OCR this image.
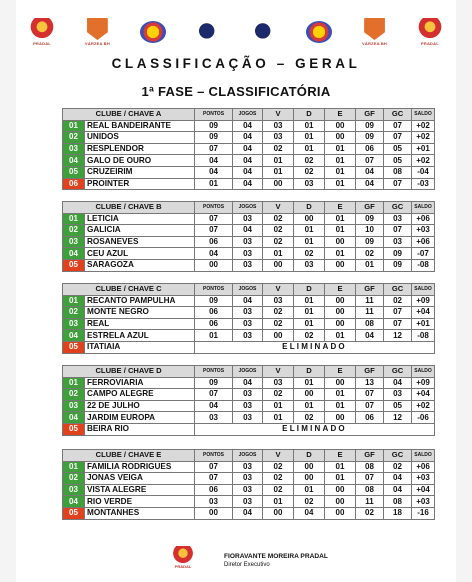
PRADAL	VÁRZEA BH	VÁRZEA BH	PRADAL
CLASSIFICAÇÃO – GERAL
1ª FASE – CLASSIFICATÓRIA
CLUBE / CHAVE A		PONTOS	JOGOS	V	D	E	GF	GC	SALDO
01	REAL BANDEIRANTE	09	04	03	01	00	09	07	+02
02	UNIDOS	09	04	03	01	00	09	07	+02
03	RESPLENDOR	07	04	02	01	01	06	05	+01
04	GALO DE OURO	04	04	01	02	01	07	05	+02
05	CRUZEIRIM	04	04	01	02	01	04	08	-04
06	PROINTER	01	04	00	03	01	04	07	-03
CLUBE / CHAVE B		PONTOS	JOGOS	V	D	E	GF	GC	SALDO
01	LETICIA	07	03	02	00	01	09	03	+06
02	GALICIA	07	04	02	01	01	10	07	+03
03	ROSANEVES	06	03	02	01	00	09	03	+06
04	CEU AZUL	04	03	01	02	01	02	09	-07
05	SARAGOZA	00	03	00	03	00	01	09	-08
CLUBE / CHAVE C		PONTOS	JOGOS	V	D	E	GF	GC	SALDO
01	RECANTO PAMPULHA	09	04	03	01	00	11	02	+09
02	MONTE NEGRO	06	03	02	01	00	11	07	+04
03	REAL	06	03	02	01	00	08	07	+01
04	ESTRELA AZUL	01	03	00	02	01	04	12	-08
05	ITATIAIA	ELIMINADO							
CLUBE / CHAVE D		PONTOS	JOGOS	V	D	E	GF	GC	SALDO
01	FERROVIARIA	09	04	03	01	00	13	04	+09
02	CAMPO ALEGRE	07	03	02	00	01	07	03	+04
03	22 DE JULHO	04	03	01	01	01	07	05	+02
04	JARDIM EUROPA	03	03	01	02	00	06	12	-06
05	BEIRA RIO	ELIMINADO							
CLUBE / CHAVE E		PONTOS	JOGOS	V	D	E	GF	GC	SALDO
01	FAMILIA RODRIGUES	07	03	02	00	01	08	02	+06
02	JONAS VEIGA	07	03	02	00	01	07	04	+03
03	VISTA ALEGRE	06	03	02	01	00	08	04	+04
04	RIO VERDE	03	03	01	02	00	11	08	+03
05	MONTANHES	00	04	00	04	00	02	18	-16
PRADAL
FIORAVANTE MOREIRA PRADAL
Diretor Executivo
